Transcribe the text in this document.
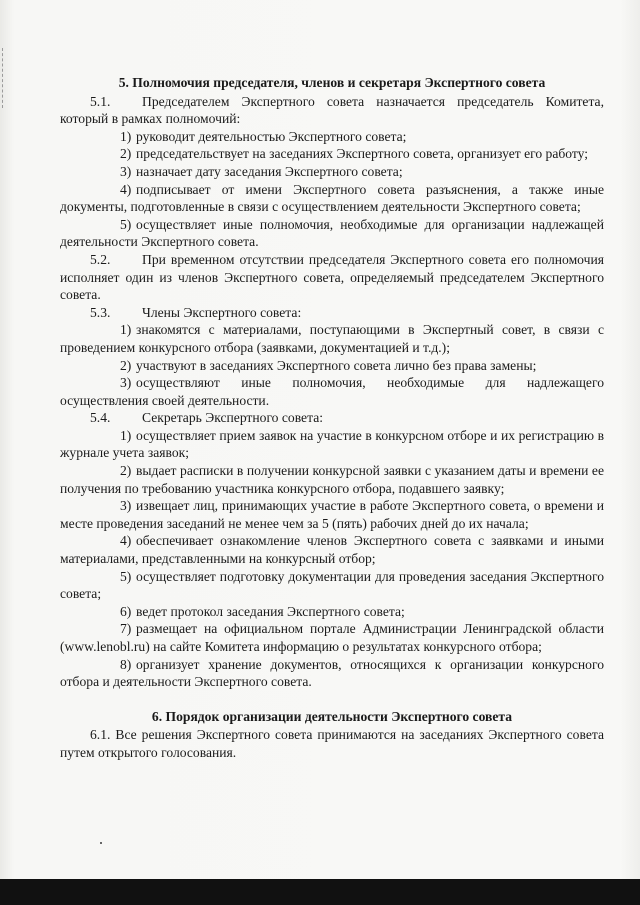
5. Полномочия председателя, членов и секретаря Экспертного совета

5.1. Председателем Экспертного совета назначается председатель Комитета, который в рамках полномочий:

1) руководит деятельностью Экспертного совета;

2) председательствует на заседаниях Экспертного совета, организует его работу;

3) назначает дату заседания Экспертного совета;

4) подписывает от имени Экспертного совета разъяснения, а также иные документы, подготовленные в связи с осуществлением деятельности Экспертного совета;

5) осуществляет иные полномочия, необходимые для организации надлежащей деятельности Экспертного совета.

5.2. При временном отсутствии председателя Экспертного совета его полномочия исполняет один из членов Экспертного совета, определяемый председателем Экспертного совета.

5.3. Члены Экспертного совета:

1) знакомятся с материалами, поступающими в Экспертный совет, в связи с проведением конкурсного отбора (заявками, документацией и т.д.);

2) участвуют в заседаниях Экспертного совета лично без права замены;

3) осуществляют иные полномочия, необходимые для надлежащего осуществления своей деятельности.

5.4. Секретарь Экспертного совета:

1) осуществляет прием заявок на участие в конкурсном отборе и их регистрацию в журнале учета заявок;

2) выдает расписки в получении конкурсной заявки с указанием даты и времени ее получения по требованию участника конкурсного отбора, подавшего заявку;

3) извещает лиц, принимающих участие в работе Экспертного совета, о времени и месте проведения заседаний не менее чем за 5 (пять) рабочих дней до их начала;

4) обеспечивает ознакомление членов Экспертного совета с заявками и иными материалами, представленными на конкурсный отбор;

5) осуществляет подготовку документации для проведения заседания Экспертного совета;

6) ведет протокол заседания Экспертного совета;

7) размещает на официальном портале Администрации Ленинградской области (www.lenobl.ru) на сайте Комитета информацию о результатах конкурсного отбора;

8) организует хранение документов, относящихся к организации конкурсного отбора и деятельности Экспертного совета.

6. Порядок организации деятельности Экспертного совета

6.1. Все решения Экспертного совета принимаются на заседаниях Экспертного совета путем открытого голосования.
